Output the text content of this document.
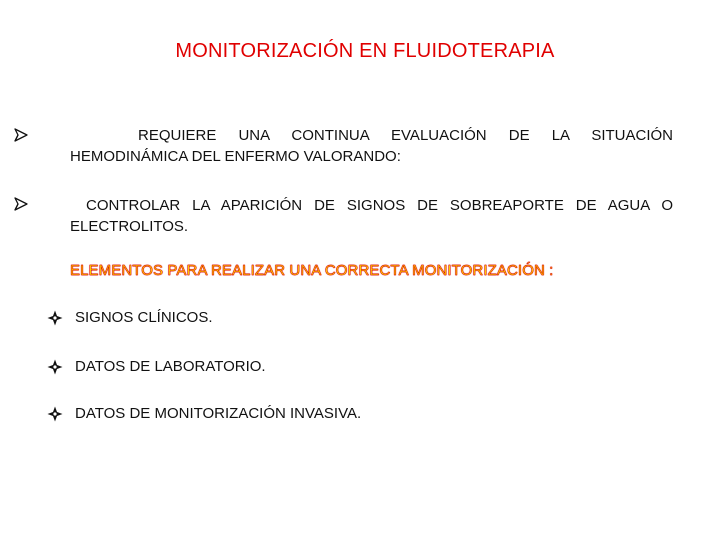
MONITORIZACIÓN EN FLUIDOTERAPIA
REQUIERE UNA CONTINUA EVALUACIÓN DE LA SITUACIÓN HEMODINÁMICA DEL ENFERMO VALORANDO:
CONTROLAR LA APARICIÓN DE SIGNOS DE SOBREAPORTE DE AGUA O ELECTROLITOS.
ELEMENTOS PARA REALIZAR UNA CORRECTA MONITORIZACIÓN :
SIGNOS CLÍNICOS.
DATOS DE LABORATORIO.
DATOS DE MONITORIZACIÓN INVASIVA.
